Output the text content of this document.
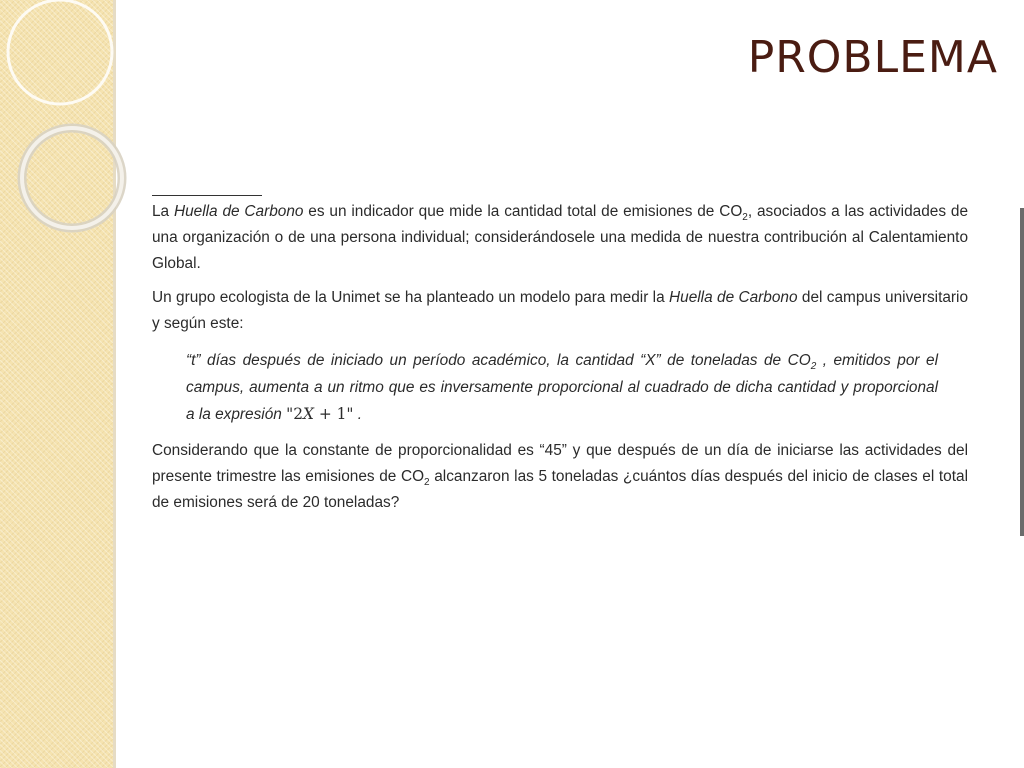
PROBLEMA

La Huella de Carbono es un indicador que mide la cantidad total de emisiones de $CO_2$, asociados a las actividades de una organización o de una persona individual; considerándosele una medida de nuestra contribución al Calentamiento Global.

Un grupo ecologista de la Unimet se ha planteado un modelo para medir la Huella de Carbono del campus universitario y según este:

“t” días después de iniciado un período académico, la cantidad “X” de toneladas de $CO_2$ , emitidos por el campus, aumenta a un ritmo que es inversamente proporcional al cuadrado de dicha cantidad y proporcional a la expresión "2X + 1" .

Considerando que la constante de proporcionalidad es “45” y que después de un día de iniciarse las actividades del presente trimestre las emisiones de $CO_2$ alcanzaron las 5 toneladas ¿cuántos días después del inicio de clases el total de emisiones será de 20 toneladas?
